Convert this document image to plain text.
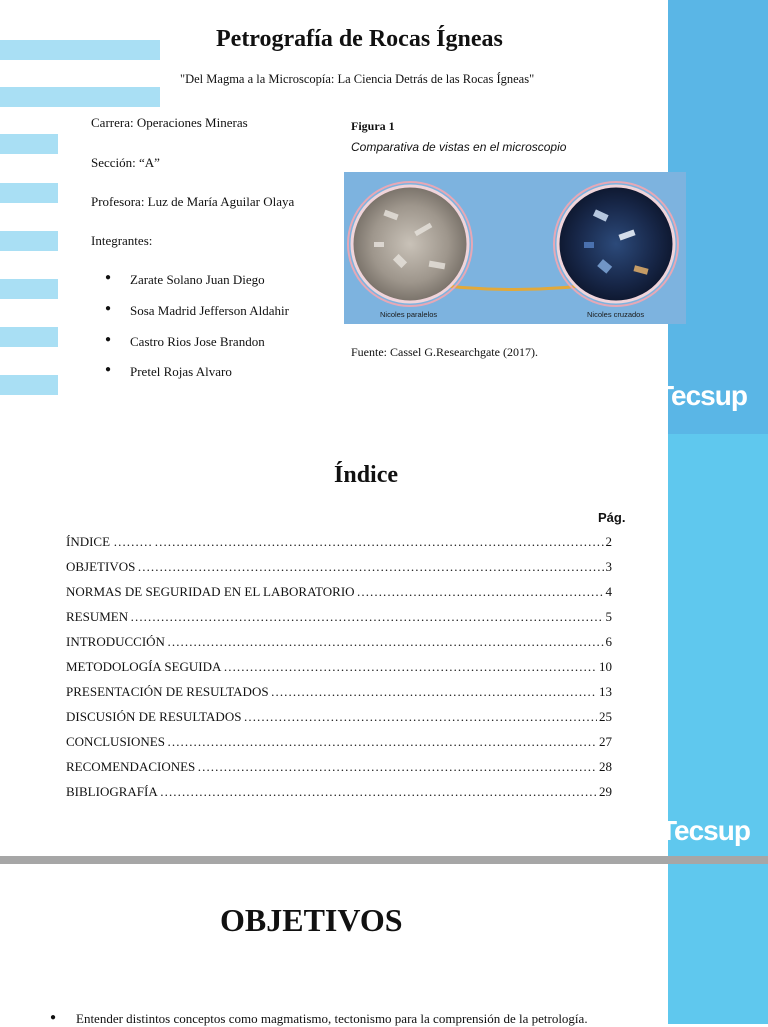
Petrografía de Rocas Ígneas
"Del Magma a la Microscopía: La Ciencia Detrás de las Rocas Ígneas"
Carrera: Operaciones Mineras
Sección: “A”
Profesora: Luz de María Aguilar Olaya
Integrantes:
● Zarate Solano Juan Diego
● Sosa Madrid Jefferson Aldahir
● Castro Rios Jose Brandon
● Pretel Rojas Alvaro
Figura 1
Comparativa de vistas en el microscopio
Nicoles paralelos	Nicoles cruzados
Fuente: Cassel G.Researchgate (2017).
Tecsup
Índice
Pág.
ÍNDICE ……… …………………………………………………………………………………………………………………………………………………………………………………………	2
OBJETIVOS …………………………………………………………………………………………………………………………………………………………………………………………	3
NORMAS DE SEGURIDAD EN EL LABORATORIO …………………………………………………………………………………………………………………………………………………………………………………………	4
RESUMEN …………………………………………………………………………………………………………………………………………………………………………………………	5
INTRODUCCIÓN …………………………………………………………………………………………………………………………………………………………………………………………	6
METODOLOGÍA SEGUIDA …………………………………………………………………………………………………………………………………………………………………………………………	10
PRESENTACIÓN DE RESULTADOS …………………………………………………………………………………………………………………………………………………………………………………………	13
DISCUSIÓN DE RESULTADOS …………………………………………………………………………………………………………………………………………………………………………………………	25
CONCLUSIONES …………………………………………………………………………………………………………………………………………………………………………………………	27
RECOMENDACIONES …………………………………………………………………………………………………………………………………………………………………………………………	28
BIBLIOGRAFÍA …………………………………………………………………………………………………………………………………………………………………………………………	29
Tecsup
OBJETIVOS
● Entender distintos conceptos como magmatismo, tectonismo para la comprensión de la petrología.
